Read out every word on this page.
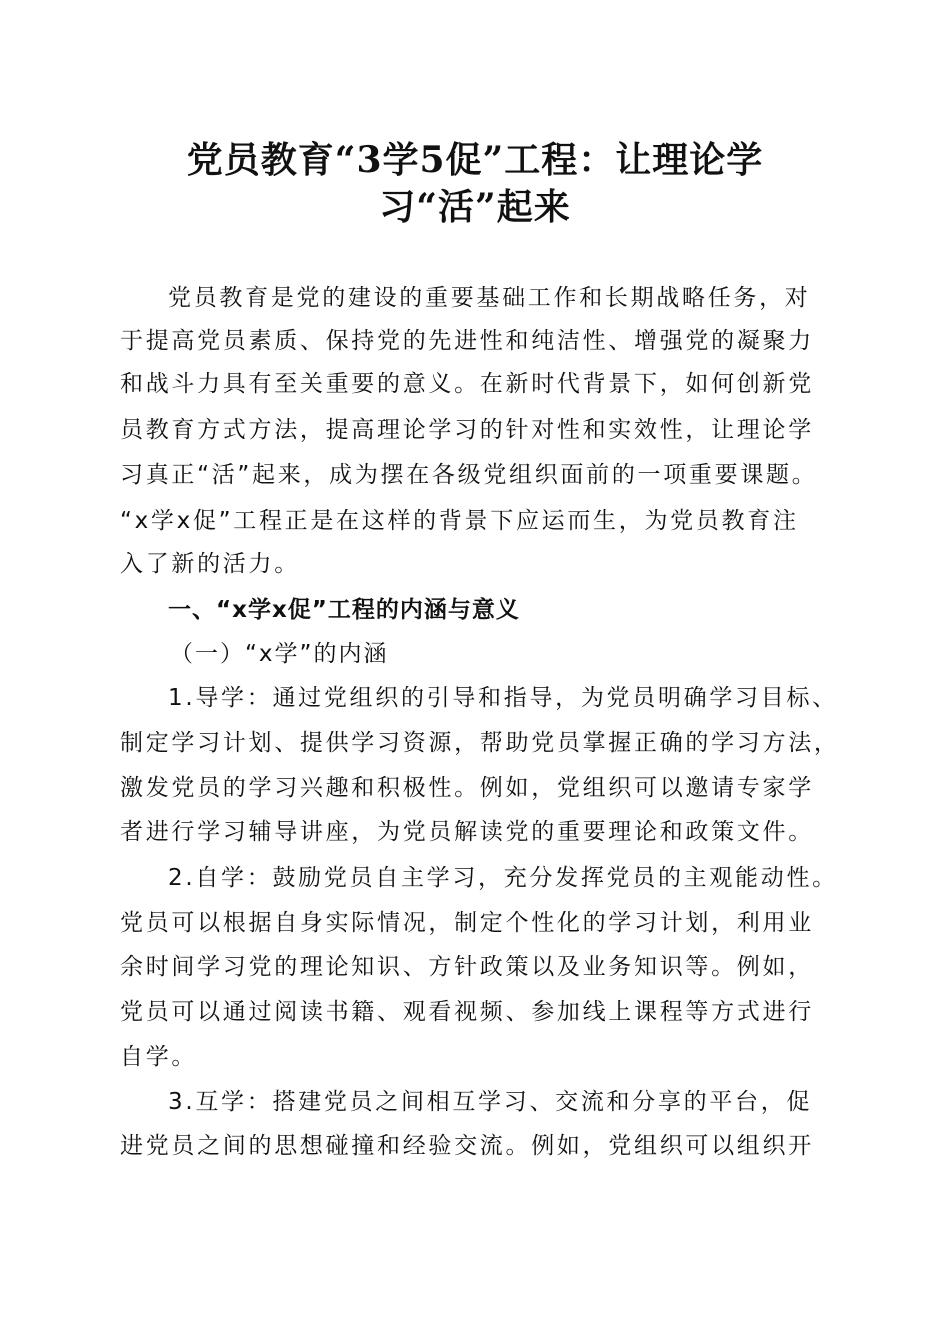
党员教育“3学5促”工程：让理论学
习“活”起来
党员教育是党的建设的重要基础工作和长期战略任务，对
于提高党员素质、保持党的先进性和纯洁性、增强党的凝聚力
和战斗力具有至关重要的意义。在新时代背景下，如何创新党
员教育方式方法，提高理论学习的针对性和实效性，让理论学
习真正“活”起来，成为摆在各级党组织面前的一项重要课题。
“x学x促”工程正是在这样的背景下应运而生，为党员教育注
入了新的活力。
一、“x学x促”工程的内涵与意义
（一）“x学”的内涵
1.导学：通过党组织的引导和指导，为党员明确学习目标、
制定学习计划、提供学习资源，帮助党员掌握正确的学习方法，
激发党员的学习兴趣和积极性。例如，党组织可以邀请专家学
者进行学习辅导讲座，为党员解读党的重要理论和政策文件。
2.自学：鼓励党员自主学习，充分发挥党员的主观能动性。
党员可以根据自身实际情况，制定个性化的学习计划，利用业
余时间学习党的理论知识、方针政策以及业务知识等。例如，
党员可以通过阅读书籍、观看视频、参加线上课程等方式进行
自学。
3.互学：搭建党员之间相互学习、交流和分享的平台，促
进党员之间的思想碰撞和经验交流。例如，党组织可以组织开
